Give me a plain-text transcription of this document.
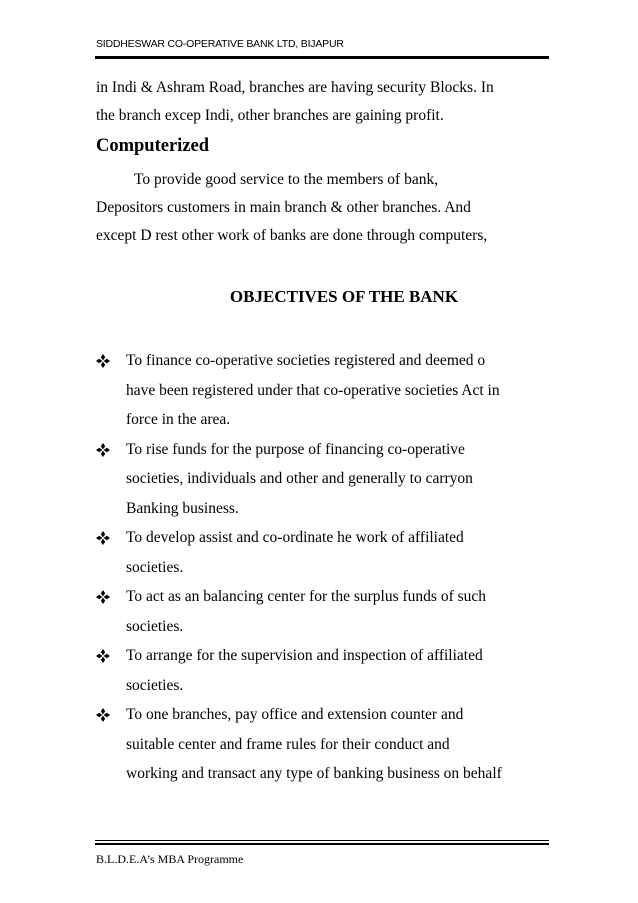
SIDDHESWAR CO-OPERATIVE BANK LTD, BIJAPUR
in Indi & Ashram Road, branches are having security Blocks. In
the branch excep Indi, other branches are gaining profit.
Computerized
To provide good service to the members of bank,
Depositors customers in main branch & other branches. And
except D rest other work of banks are done through computers,
OBJECTIVES OF THE BANK
To finance co-operative societies registered and deemed o
have been registered under that co-operative societies Act in
force in the area.
To rise funds for the purpose of financing co-operative
societies, individuals and other and generally to carryon
Banking business.
To develop assist and co-ordinate he work of affiliated
societies.
To act as an balancing center for the surplus funds of such
societies.
To arrange for the supervision and inspection of affiliated
societies.
To one branches, pay office and extension counter and
suitable center and frame rules for their conduct and
working and transact any type of banking business on behalf
B.L.D.E.A’s MBA Programme
